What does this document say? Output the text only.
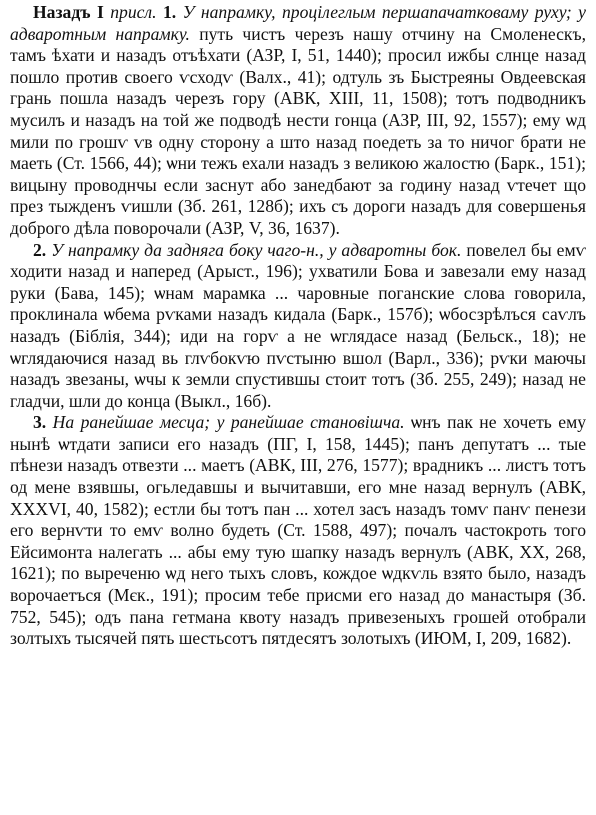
Назадъ I присл. 1. У напрамку, процілеглым першапачатковаму руху; у адваротным напрамку. путь чистъ черезъ нашу отчину на Смоленескъ, тамъ ѣхати и назадъ отъѣхати (АЗР, I, 51, 1440); просил ижбы слнце назад пошло против своего ѵсходѵ (Валх., 41); одтуль зъ Быстреяны Овдеевская грань пошла назадъ черезъ гору (АВК, XIII, 11, 1508); тотъ подводникъ мусилъ и назадъ на той же подводѣ нести гонца (АЗР, III, 92, 1557); ему ѡд мили по грошѵ ѵв одну сторону а што назад поедеть за то ничог брати не маеть (Ст. 1566, 44); ѡни тежъ ехали назадъ з великою жалостю (Барк., 151); вицыну проводнчы если заснут або занедбают за годину назад ѵтечет що през тыжденъ ѵишли (Зб. 261, 128б); ихъ съ дороги назадъ для совершенья доброго дѣла поворочали (АЗР, V, 36, 1637).

2. У напрамку да задняга боку чаго-н., у адваротны бок. повелел бы емѵ ходити назад и наперед (Арыст., 196); ухватили Бова и завезали ему назад руки (Бава, 145); ѡнам марамка ... чаровные поганские слова говорила, проклинала ѡбема рѵками назадъ кидала (Барк., 157б); ѡбосзрѣлъся саѵлъ назадъ (Біблія, 344); иди на горѵ а не ѡглядасе назад (Бельск., 18); не ѡглядаючися назад вь глѵбокѵю пѵстыню вшол (Варл., 336); рѵки маючы назадъ звезаны, ѡчы к земли спустившы стоит тотъ (Зб. 255, 249); назад не гладчи, шли до конца (Выкл., 16б).

3. На ранейшае месца; у ранейшае становішча. ѡнъ пак не хочеть ему нынѣ ѡтдати записи его назадъ (ПГ, I, 158, 1445); панъ депутатъ ... тые пѣнези назадъ отвезти ... маетъ (АВК, III, 276, 1577); врадникъ ... листъ тотъ од мене взявшы, огьледавшы и вычитавши, его мне назад вернулъ (АВК, XXXVI, 40, 1582); естли бы тотъ пан ... хотел засъ назадъ томѵ панѵ пенези его вернѵти то емѵ волно будеть (Ст. 1588, 497); почалъ частокроть того Ейсимонта налегать ... абы ему тую шапку назадъ вернулъ (АВК, XX, 268, 1621); по выреченю ѡд него тыхъ словъ, кождое ѡдкѵль взято было, назадъ ворочаетъся (Мєк., 191); просим тебе присми его назад до манастыря (Зб. 752, 545); одъ пана гетмана квоту назадъ привезеныхъ грошей отобрали золтыхъ тысячей пять шестьсотъ пятдесятъ золотыхъ (ИЮМ, I, 209, 1682).
